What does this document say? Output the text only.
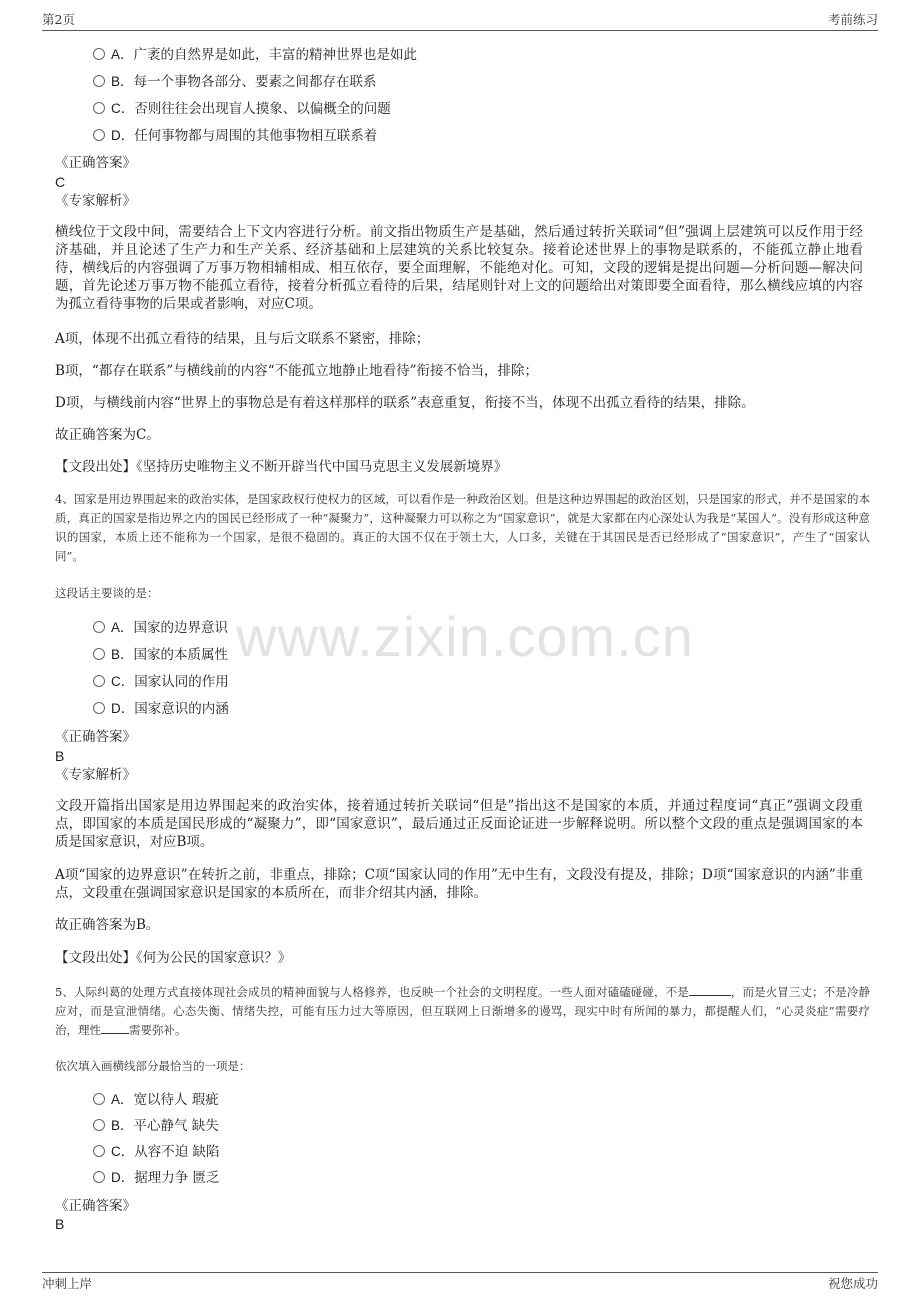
第2页	考前练习
www.zixin.com.cn
A．广袤的自然界是如此，丰富的精神世界也是如此
B．每一个事物各部分、要素之间都存在联系
C．否则往往会出现盲人摸象、以偏概全的问题
D．任何事物都与周围的其他事物相互联系着
《正确答案》
C
《专家解析》
横线位于文段中间，需要结合上下文内容进行分析。前文指出物质生产是基础，然后通过转折关联词“但”强调上层建筑可以反作用于经济基础，并且论述了生产力和生产关系、经济基础和上层建筑的关系比较复杂。接着论述世界上的事物是联系的，不能孤立静止地看待，横线后的内容强调了万事万物相辅相成、相互依存，要全面理解，不能绝对化。可知，文段的逻辑是提出问题—分析问题—解决问题，首先论述万事万物不能孤立看待，接着分析孤立看待的后果，结尾则针对上文的问题给出对策即要全面看待，那么横线应填的内容为孤立看待事物的后果或者影响，对应C项。
A项，体现不出孤立看待的结果，且与后文联系不紧密，排除；
B项，“都存在联系”与横线前的内容“不能孤立地静止地看待”衔接不恰当，排除；
D项，与横线前内容“世界上的事物总是有着这样那样的联系”表意重复，衔接不当，体现不出孤立看待的结果，排除。
故正确答案为C。
【文段出处】《坚持历史唯物主义不断开辟当代中国马克思主义发展新境界》
4、国家是用边界围起来的政治实体，是国家政权行使权力的区域，可以看作是一种政治区划。但是这种边界围起的政治区划，只是国家的形式，并不是国家的本质，真正的国家是指边界之内的国民已经形成了一种“凝聚力”，这种凝聚力可以称之为“国家意识”，就是大家都在内心深处认为我是“某国人”。没有形成这种意识的国家，本质上还不能称为一个国家，是很不稳固的。真正的大国不仅在于领土大，人口多，关键在于其国民是否已经形成了“国家意识”，产生了“国家认同”。
这段话主要谈的是：
A．国家的边界意识
B．国家的本质属性
C．国家认同的作用
D．国家意识的内涵
《正确答案》
B
《专家解析》
文段开篇指出国家是用边界围起来的政治实体，接着通过转折关联词“但是”指出这不是国家的本质，并通过程度词“真正”强调文段重点，即国家的本质是国民形成的“凝聚力”，即“国家意识”，最后通过正反面论证进一步解释说明。所以整个文段的重点是强调国家的本质是国家意识，对应B项。
A项“国家的边界意识”在转折之前，非重点，排除；C项“国家认同的作用”无中生有，文段没有提及，排除；D项“国家意识的内涵”非重点，文段重在强调国家意识是国家的本质所在，而非介绍其内涵，排除。
故正确答案为B。
【文段出处】《何为公民的国家意识？》
5、人际纠葛的处理方式直接体现社会成员的精神面貌与人格修养，也反映一个社会的文明程度。一些人面对磕磕碰碰，不是	，而是火冒三丈；不是冷静应对，而是宣泄情绪。心态失衡、情绪失控，可能有压力过大等原因，但互联网上日渐增多的谩骂，现实中时有所闻的暴力，都提醒人们，“心灵炎症”需要疗治，理性 需要弥补。
依次填入画横线部分最恰当的一项是：
A．宽以待人 瑕疵
B．平心静气 缺失
C．从容不迫 缺陷
D．据理力争 匮乏
《正确答案》
B
冲刺上岸	祝您成功
